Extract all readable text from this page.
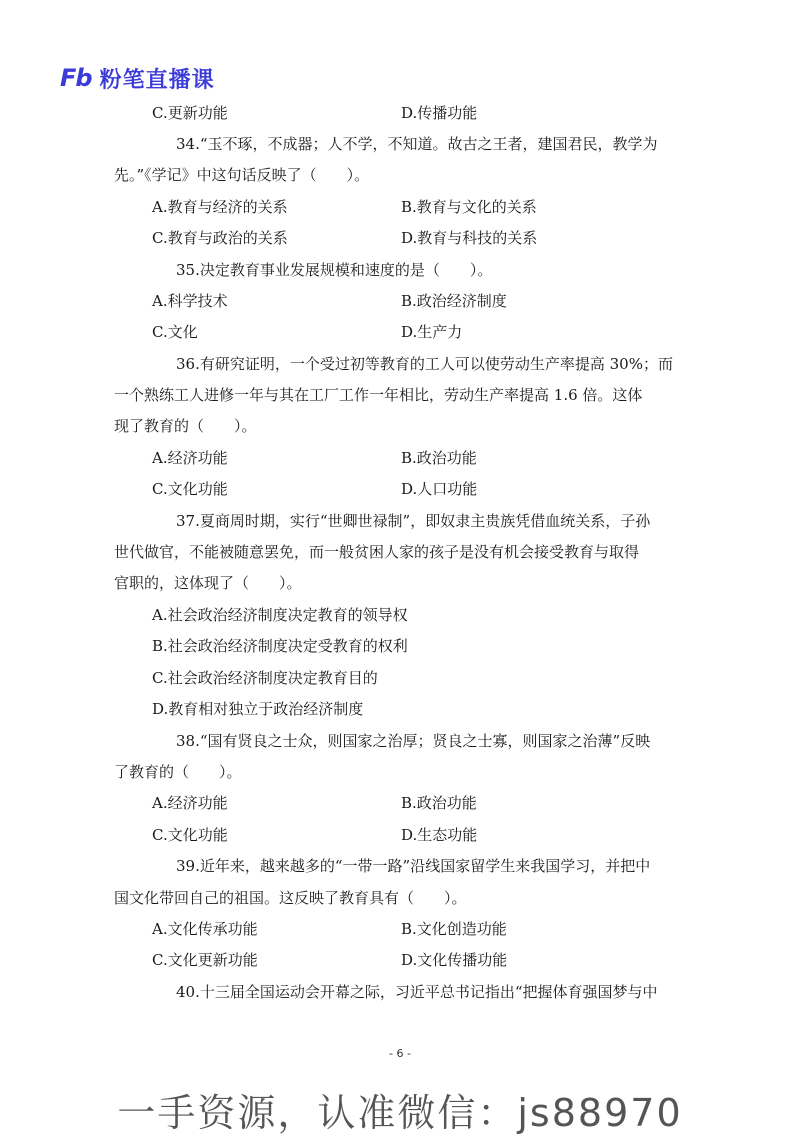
Fb 粉笔直播课
C.更新功能	D.传播功能
34.“玉不琢，不成器；人不学，不知道。故古之王者，建国君民，教学为
先。”《学记》中这句话反映了（　　）。
A.教育与经济的关系	B.教育与文化的关系
C.教育与政治的关系	D.教育与科技的关系
35.决定教育事业发展规模和速度的是（　　）。
A.科学技术	B.政治经济制度
C.文化	D.生产力
36.有研究证明，一个受过初等教育的工人可以使劳动生产率提高 30%；而
一个熟练工人进修一年与其在工厂工作一年相比，劳动生产率提高 1.6 倍。这体
现了教育的（　　）。
A.经济功能	B.政治功能
C.文化功能	D.人口功能
37.夏商周时期，实行“世卿世禄制”，即奴隶主贵族凭借血统关系，子孙
世代做官，不能被随意罢免，而一般贫困人家的孩子是没有机会接受教育与取得
官职的，这体现了（　　）。
A.社会政治经济制度决定教育的领导权
B.社会政治经济制度决定受教育的权利
C.社会政治经济制度决定教育目的
D.教育相对独立于政治经济制度
38.“国有贤良之士众，则国家之治厚；贤良之士寡，则国家之治薄”反映
了教育的（　　）。
A.经济功能	B.政治功能
C.文化功能	D.生态功能
39.近年来，越来越多的“一带一路”沿线国家留学生来我国学习，并把中
国文化带回自己的祖国。这反映了教育具有（　　）。
A.文化传承功能	B.文化创造功能
C.文化更新功能	D.文化传播功能
40.十三届全国运动会开幕之际，习近平总书记指出“把握体育强国梦与中
- 6 -
一手资源，认准微信：js88970
